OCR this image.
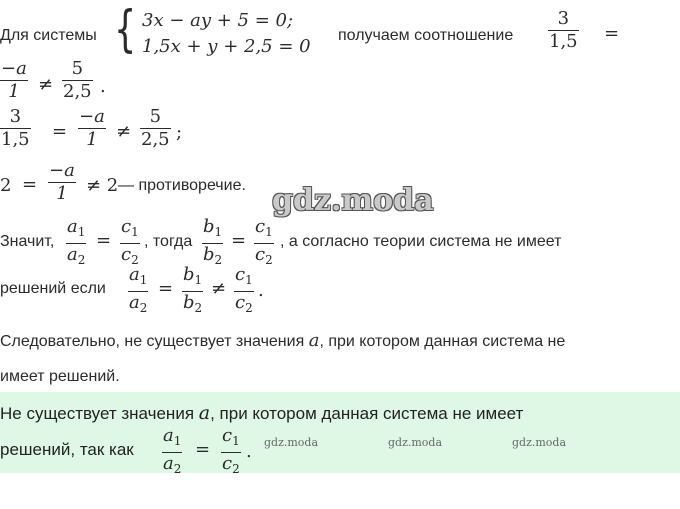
Для системы { 3x − ay + 5 = 0;
1,5x + y + 2,5 = 0
получаем соотношение
3
1,5 =
−a
1	≠
5
2,5 .
3
1,5 =
−a
1	≠
5
2,5 ;
2 =
−a
1	≠ 2 — противоречие. gdz.moda
Значит,
$a_1$
$a_2$
=
$c_1$
$c_2$
, тогда
$b_1$
$b_2$
=
$c_1$
$c_2$
, а согласно теории система не имеет
решений если
$a_1$
$a_2$
=
$b_1$
$b_2$
≠
$c_1$
$c_2$
.
Следовательно, не существует значения a, при котором данная система не
имеет решений.
Не существует значения a, при котором данная система не имеет
решений, так как
$a_1$
$a_2$
=
$c_1$
$c_2$
. gdz.moda	gdz.moda	gdz.moda
